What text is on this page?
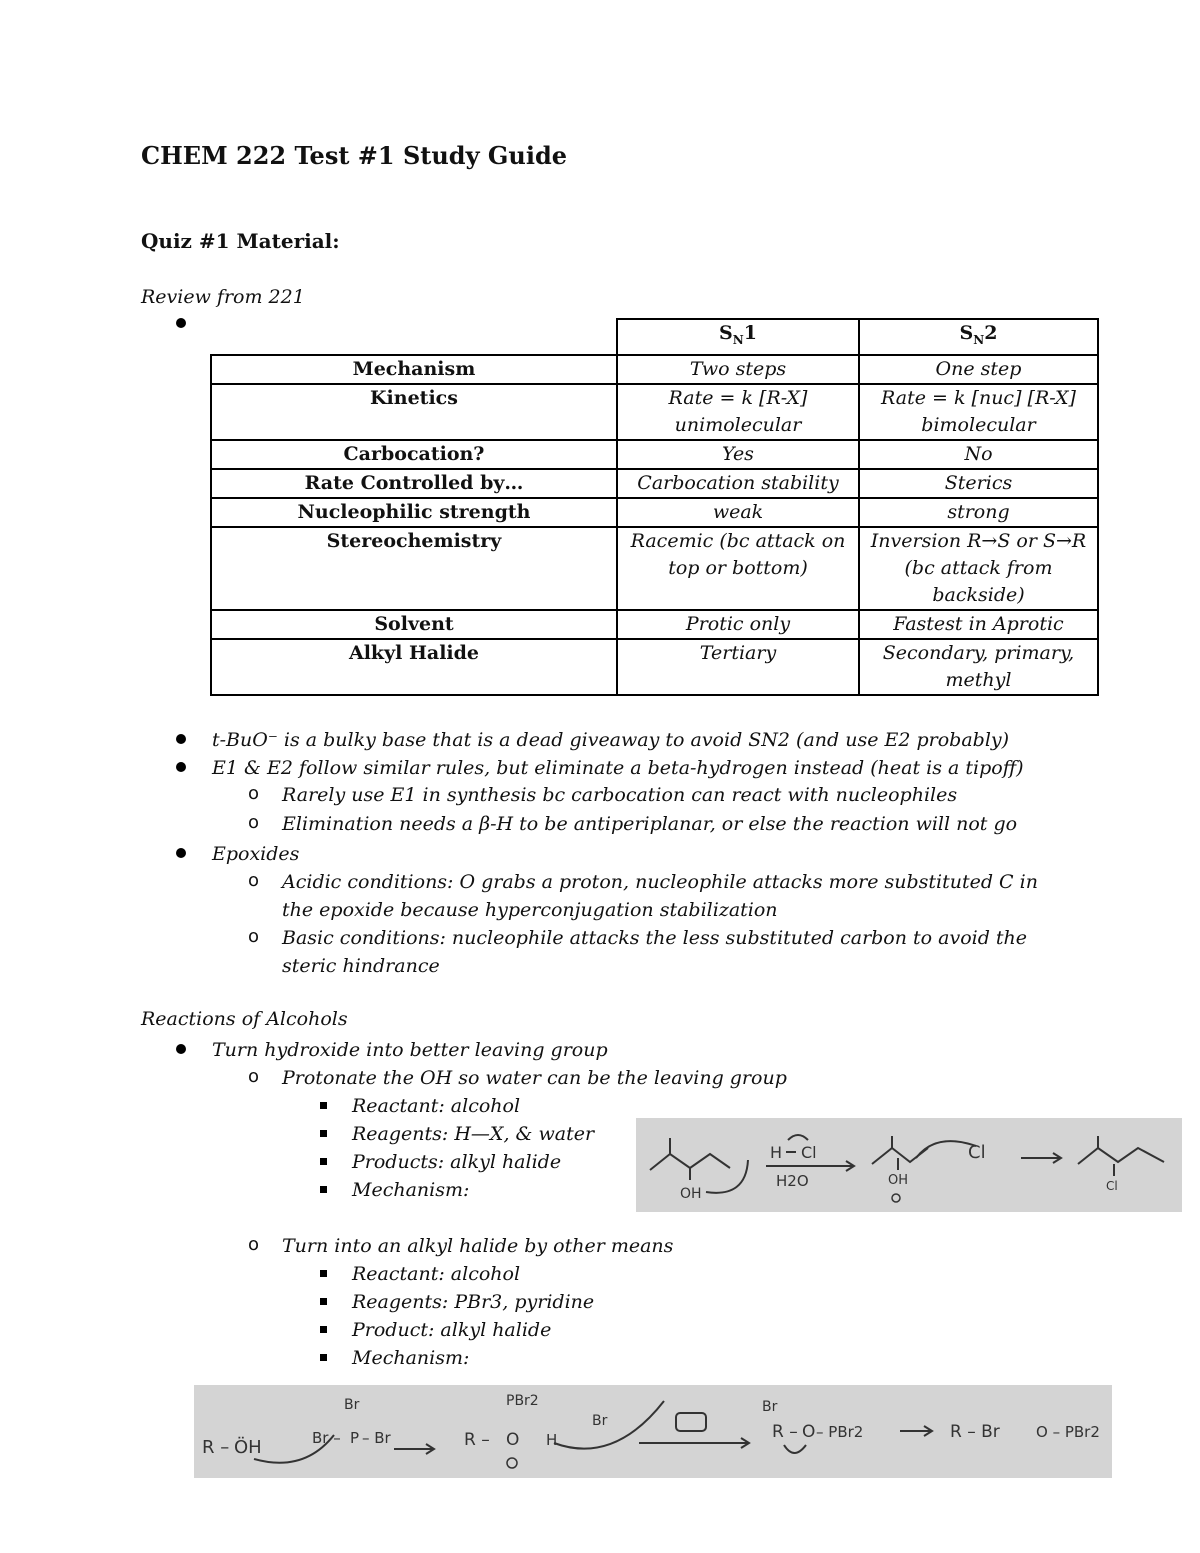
CHEM 222 Test #1 Study Guide
Quiz #1 Material:
Review from 221
	$S_N1$	$S_N2$
Mechanism	Two steps	One step
Kinetics	Rate = k [R-X] unimolecular	Rate = k [nuc] [R-X] bimolecular
Carbocation?	Yes	No
Rate Controlled by…	Carbocation stability	Sterics
Nucleophilic strength	weak	strong
Stereochemistry	Racemic (bc attack on top or bottom)	Inversion R→S or S→R (bc attack from backside)
Solvent	Protic only	Fastest in Aprotic
Alkyl Halide	Tertiary	Secondary, primary, methyl
t-BuO⁻ is a bulky base that is a dead giveaway to avoid SN2 (and use E2 probably)
E1 & E2 follow similar rules, but eliminate a beta-hydrogen instead (heat is a tipoff)
o Rarely use E1 in synthesis bc carbocation can react with nucleophiles
o Elimination needs a β-H to be antiperiplanar, or else the reaction will not go
Epoxides
o Acidic conditions: O grabs a proton, nucleophile attacks more substituted C in
the epoxide because hyperconjugation stabilization
o Basic conditions: nucleophile attacks the less substituted carbon to avoid the
steric hindrance
Reactions of Alcohols
Turn hydroxide into better leaving group
o Protonate the OH so water can be the leaving group
Reactant: alcohol
Reagents: H—X, & water
Products: alkyl halide
Mechanism:	OH
H Cl
H2O	OH
Cl
Cl
o Turn into an alkyl halide by other means
Reactant: alcohol
Reagents: PBr3, pyridine
Product: alkyl halide
Mechanism:
R – ÖH
Br
Br – P – Br
PBr2
R – O H
Br
Br
R – O – PBr2	R – Br O – PBr2
